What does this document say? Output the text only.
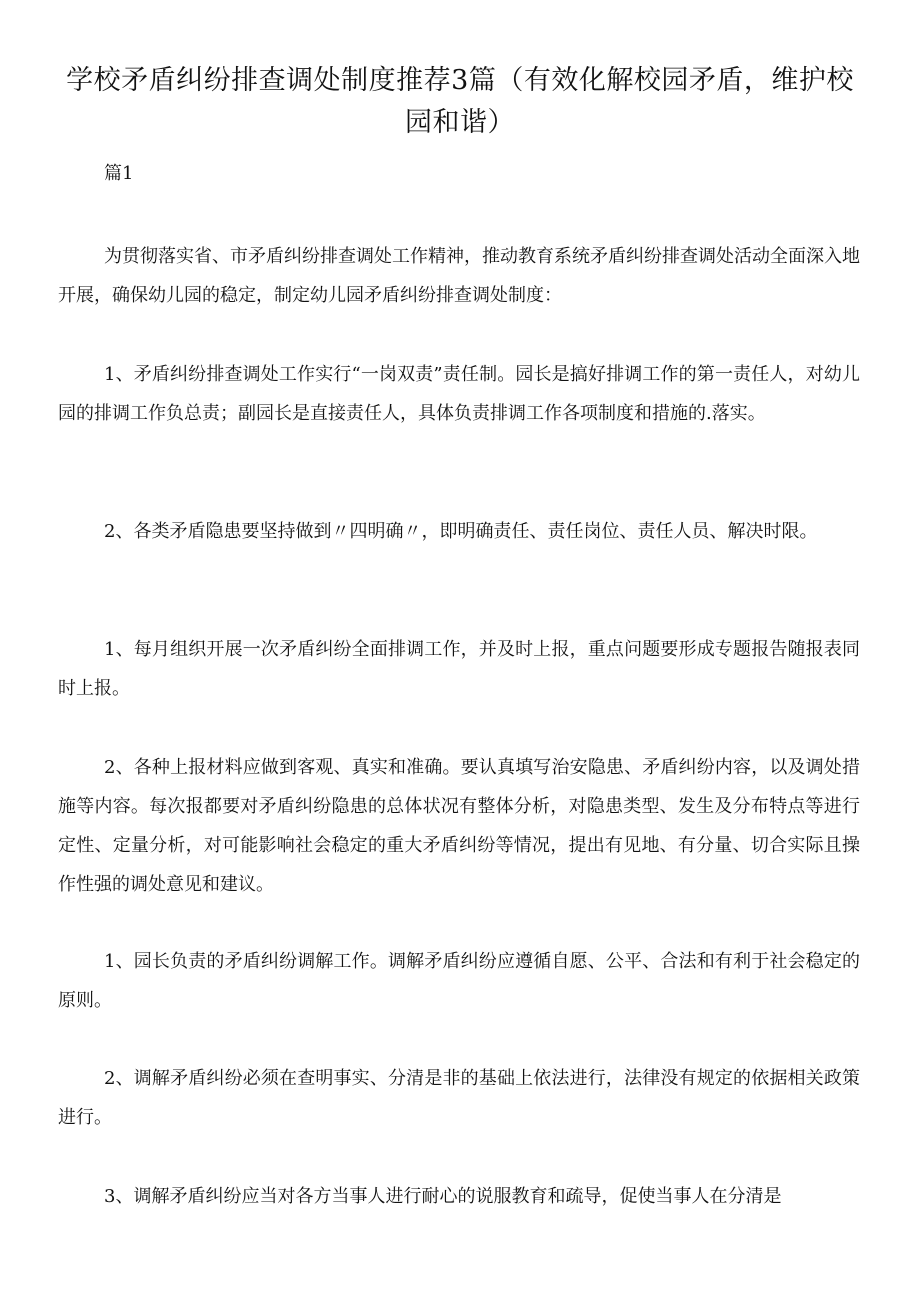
学校矛盾纠纷排查调处制度推荐3篇（有效化解校园矛盾，维护校园和谐）

篇1

为贯彻落实省、市矛盾纠纷排查调处工作精神，推动教育系统矛盾纠纷排查调处活动全面深入地开展，确保幼儿园的稳定，制定幼儿园矛盾纠纷排查调处制度：

1、矛盾纠纷排查调处工作实行“一岗双责”责任制。园长是搞好排调工作的第一责任人，对幼儿园的排调工作负总责；副园长是直接责任人，具体负责排调工作各项制度和措施的.落实。

2、各类矛盾隐患要坚持做到〃四明确〃，即明确责任、责任岗位、责任人员、解决时限。

1、每月组织开展一次矛盾纠纷全面排调工作，并及时上报，重点问题要形成专题报告随报表同时上报。

2、各种上报材料应做到客观、真实和准确。要认真填写治安隐患、矛盾纠纷内容，以及调处措施等内容。每次报都要对矛盾纠纷隐患的总体状况有整体分析，对隐患类型、发生及分布特点等进行定性、定量分析，对可能影响社会稳定的重大矛盾纠纷等情况，提出有见地、有分量、切合实际且操作性强的调处意见和建议。

1、园长负责的矛盾纠纷调解工作。调解矛盾纠纷应遵循自愿、公平、合法和有利于社会稳定的原则。

2、调解矛盾纠纷必须在查明事实、分清是非的基础上依法进行，法律没有规定的依据相关政策进行。

3、调解矛盾纠纷应当对各方当事人进行耐心的说服教育和疏导，促使当事人在分清是
